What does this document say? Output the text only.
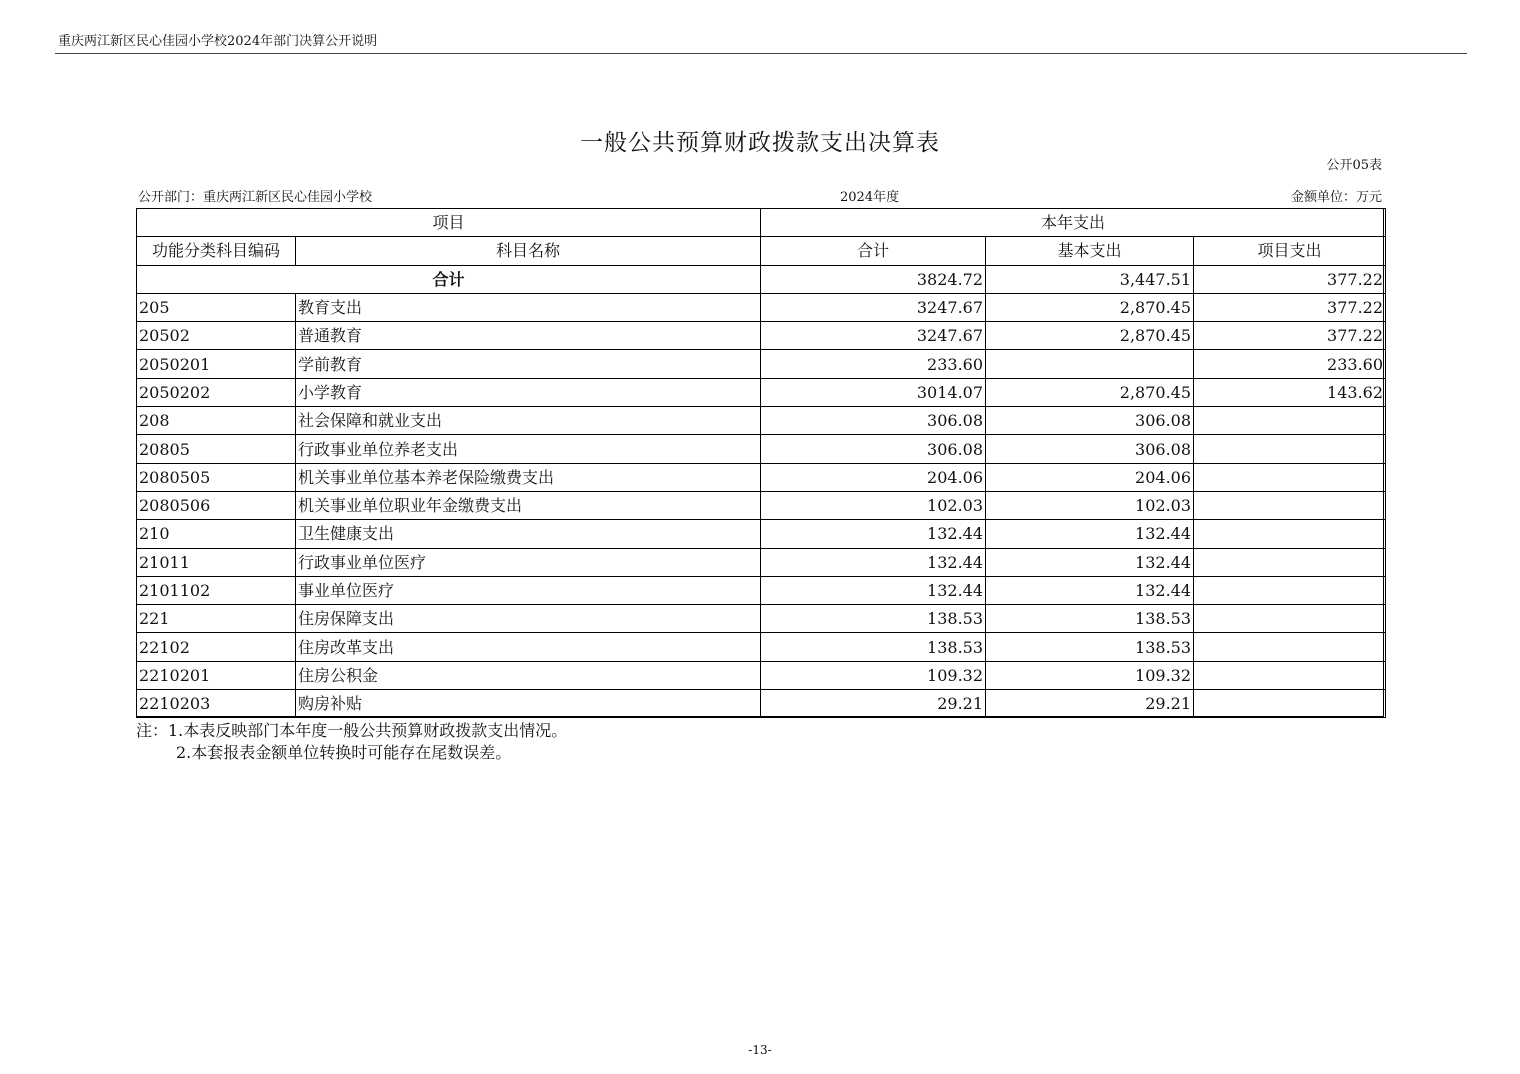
重庆两江新区民心佳园小学校2024年部门决算公开说明
一般公共预算财政拨款支出决算表
公开05表
公开部门：重庆两江新区民心佳园小学校	2024年度	金额单位：万元
项目		本年支出		
功能分类科目编码	科目名称	合计	基本支出	项目支出
合计		3824.72	3,447.51	377.22
205	教育支出	3247.67	2,870.45	377.22
20502	普通教育	3247.67	2,870.45	377.22
2050201	学前教育	233.60		233.60
2050202	小学教育	3014.07	2,870.45	143.62
208	社会保障和就业支出	306.08	306.08	
20805	行政事业单位养老支出	306.08	306.08	
2080505	机关事业单位基本养老保险缴费支出	204.06	204.06	
2080506	机关事业单位职业年金缴费支出	102.03	102.03	
210	卫生健康支出	132.44	132.44	
21011	行政事业单位医疗	132.44	132.44	
2101102	事业单位医疗	132.44	132.44	
221	住房保障支出	138.53	138.53	
22102	住房改革支出	138.53	138.53	
2210201	住房公积金	109.32	109.32	
2210203	购房补贴	29.21	29.21	
注：1.本表反映部门本年度一般公共预算财政拨款支出情况。
2.本套报表金额单位转换时可能存在尾数误差。
-13-
